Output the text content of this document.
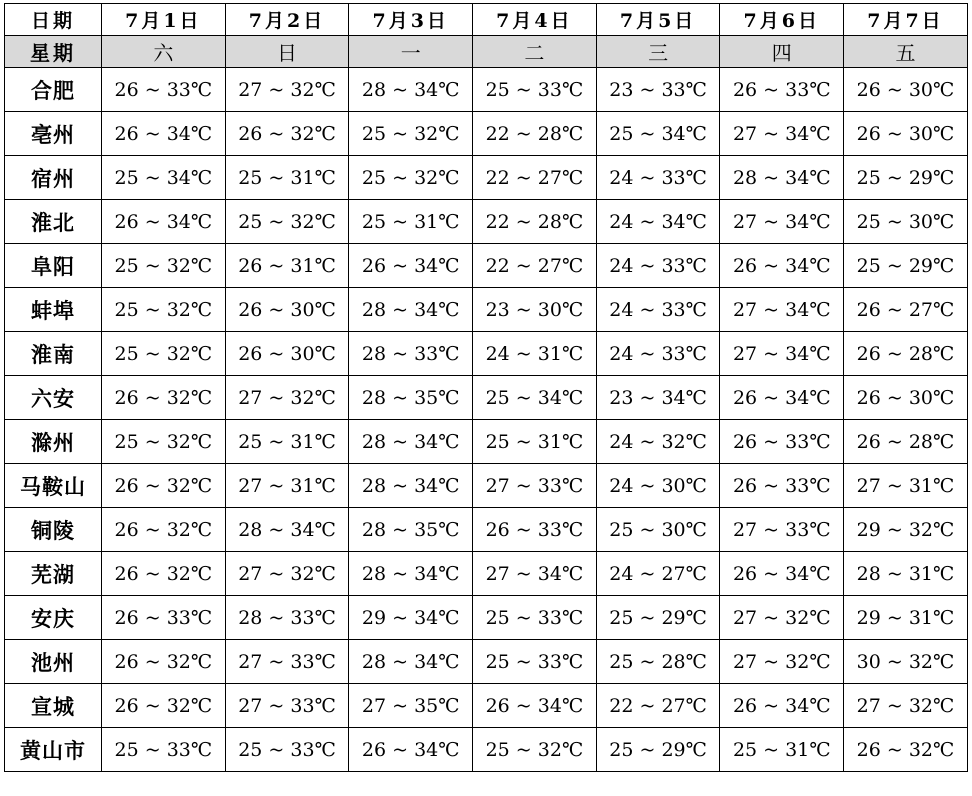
日期	7月1日	7月2日	7月3日	7月4日	7月5日	7月6日	7月7日
星期	六	日	一	二	三	四	五
合肥	26 ~ 33℃	27 ~ 32℃	28 ~ 34℃	25 ~ 33℃	23 ~ 33℃	26 ~ 33℃	26 ~ 30℃
亳州	26 ~ 34℃	26 ~ 32℃	25 ~ 32℃	22 ~ 28℃	25 ~ 34℃	27 ~ 34℃	26 ~ 30℃
宿州	25 ~ 34℃	25 ~ 31℃	25 ~ 32℃	22 ~ 27℃	24 ~ 33℃	28 ~ 34℃	25 ~ 29℃
淮北	26 ~ 34℃	25 ~ 32℃	25 ~ 31℃	22 ~ 28℃	24 ~ 34℃	27 ~ 34℃	25 ~ 30℃
阜阳	25 ~ 32℃	26 ~ 31℃	26 ~ 34℃	22 ~ 27℃	24 ~ 33℃	26 ~ 34℃	25 ~ 29℃
蚌埠	25 ~ 32℃	26 ~ 30℃	28 ~ 34℃	23 ~ 30℃	24 ~ 33℃	27 ~ 34℃	26 ~ 27℃
淮南	25 ~ 32℃	26 ~ 30℃	28 ~ 33℃	24 ~ 31℃	24 ~ 33℃	27 ~ 34℃	26 ~ 28℃
六安	26 ~ 32℃	27 ~ 32℃	28 ~ 35℃	25 ~ 34℃	23 ~ 34℃	26 ~ 34℃	26 ~ 30℃
滁州	25 ~ 32℃	25 ~ 31℃	28 ~ 34℃	25 ~ 31℃	24 ~ 32℃	26 ~ 33℃	26 ~ 28℃
马鞍山	26 ~ 32℃	27 ~ 31℃	28 ~ 34℃	27 ~ 33℃	24 ~ 30℃	26 ~ 33℃	27 ~ 31℃
铜陵	26 ~ 32℃	28 ~ 34℃	28 ~ 35℃	26 ~ 33℃	25 ~ 30℃	27 ~ 33℃	29 ~ 32℃
芜湖	26 ~ 32℃	27 ~ 32℃	28 ~ 34℃	27 ~ 34℃	24 ~ 27℃	26 ~ 34℃	28 ~ 31℃
安庆	26 ~ 33℃	28 ~ 33℃	29 ~ 34℃	25 ~ 33℃	25 ~ 29℃	27 ~ 32℃	29 ~ 31℃
池州	26 ~ 32℃	27 ~ 33℃	28 ~ 34℃	25 ~ 33℃	25 ~ 28℃	27 ~ 32℃	30 ~ 32℃
宣城	26 ~ 32℃	27 ~ 33℃	27 ~ 35℃	26 ~ 34℃	22 ~ 27℃	26 ~ 34℃	27 ~ 32℃
黄山市	25 ~ 33℃	25 ~ 33℃	26 ~ 34℃	25 ~ 32℃	25 ~ 29℃	25 ~ 31℃	26 ~ 32℃
